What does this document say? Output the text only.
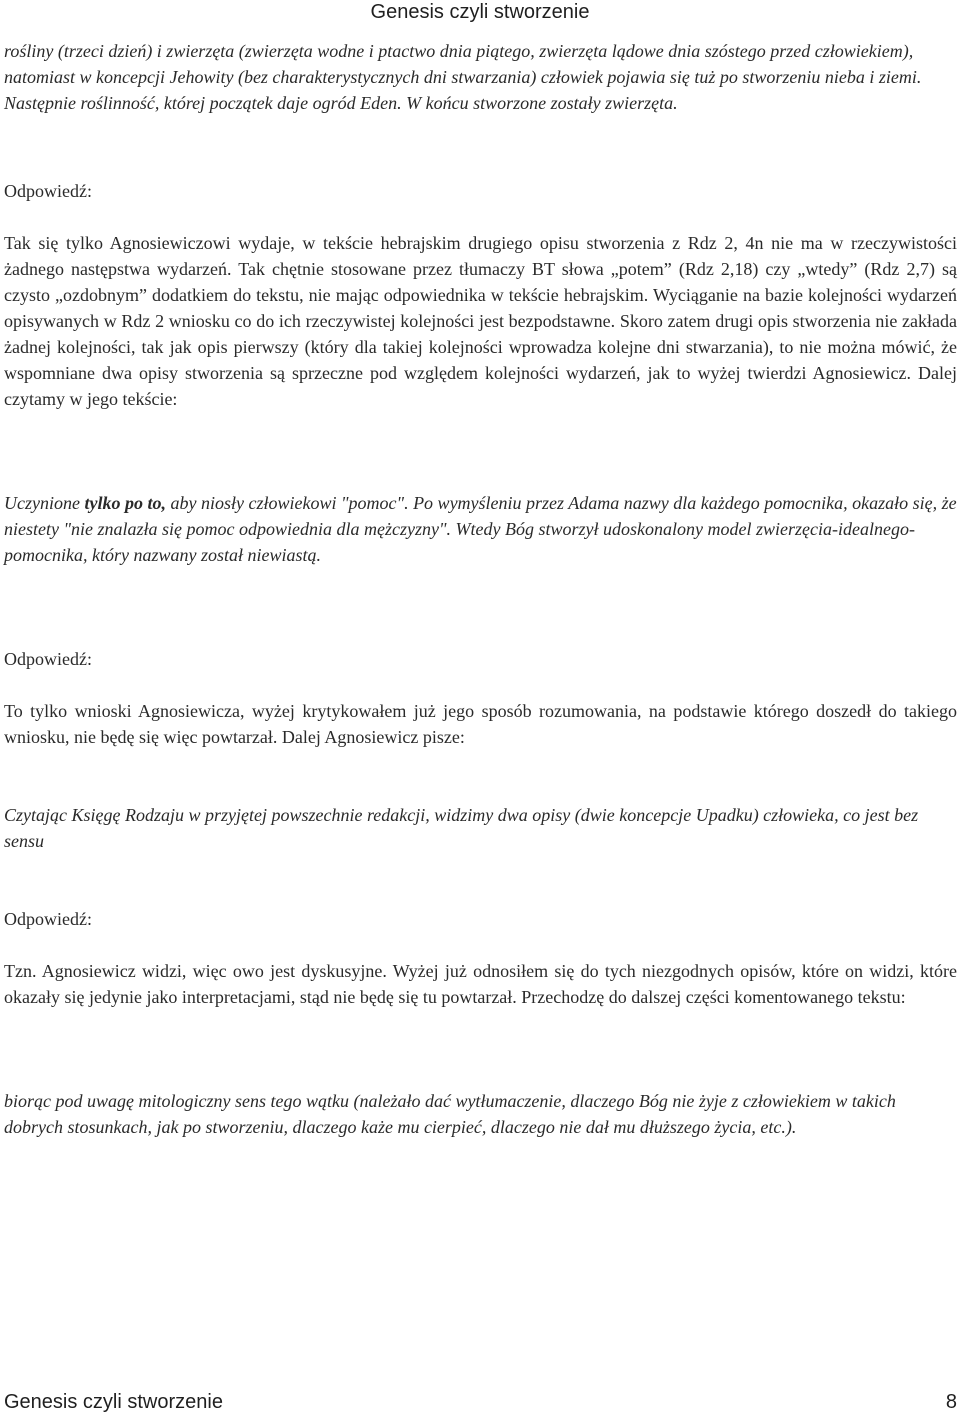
Genesis czyli stworzenie

rośliny (trzeci dzień) i zwierzęta (zwierzęta wodne i ptactwo dnia piątego, zwierzęta lądowe dnia szóstego przed człowiekiem), natomiast w koncepcji Jehowity (bez charakterystycznych dni stwarzania) człowiek pojawia się tuż po stworzeniu nieba i ziemi. Następnie roślinność, której początek daje ogród Eden. W końcu stworzone zostały zwierzęta.

Odpowiedź:

Tak się tylko Agnosiewiczowi wydaje, w tekście hebrajskim drugiego opisu stworzenia z Rdz 2, 4n nie ma w rzeczywistości żadnego następstwa wydarzeń. Tak chętnie stosowane przez tłumaczy BT słowa „potem” (Rdz 2,18) czy „wtedy” (Rdz 2,7) są czysto „ozdobnym” dodatkiem do tekstu, nie mając odpowiednika w tekście hebrajskim. Wyciąganie na bazie kolejności wydarzeń opisywanych w Rdz 2 wniosku co do ich rzeczywistej kolejności jest bezpodstawne. Skoro zatem drugi opis stworzenia nie zakłada żadnej kolejności, tak jak opis pierwszy (który dla takiej kolejności wprowadza kolejne dni stwarzania), to nie można mówić, że wspomniane dwa opisy stworzenia są sprzeczne pod względem kolejności wydarzeń, jak to wyżej twierdzi Agnosiewicz. Dalej czytamy w jego tekście:

Uczynione tylko po to, aby niosły człowiekowi "pomoc". Po wymyśleniu przez Adama nazwy dla każdego pomocnika, okazało się, że niestety "nie znalazła się pomoc odpowiednia dla mężczyzny". Wtedy Bóg stworzył udoskonalony model zwierzęcia-idealnego-pomocnika, który nazwany został niewiastą.

Odpowiedź:

To tylko wnioski Agnosiewicza, wyżej krytykowałem już jego sposób rozumowania, na podstawie którego doszedł do takiego wniosku, nie będę się więc powtarzał. Dalej Agnosiewicz pisze:

Czytając Księgę Rodzaju w przyjętej powszechnie redakcji, widzimy dwa opisy (dwie koncepcje Upadku) człowieka, co jest bez sensu

Odpowiedź:

Tzn. Agnosiewicz widzi, więc owo jest dyskusyjne. Wyżej już odnosiłem się do tych niezgodnych opisów, które on widzi, które okazały się jedynie jako interpretacjami, stąd nie będę się tu powtarzał. Przechodzę do dalszej części komentowanego tekstu:

biorąc pod uwagę mitologiczny sens tego wątku (należało dać wytłumaczenie, dlaczego Bóg nie żyje z człowiekiem w takich dobrych stosunkach, jak po stworzeniu, dlaczego każe mu cierpieć, dlaczego nie dał mu dłuższego życia, etc.).

Genesis czyli stworzenie	8
